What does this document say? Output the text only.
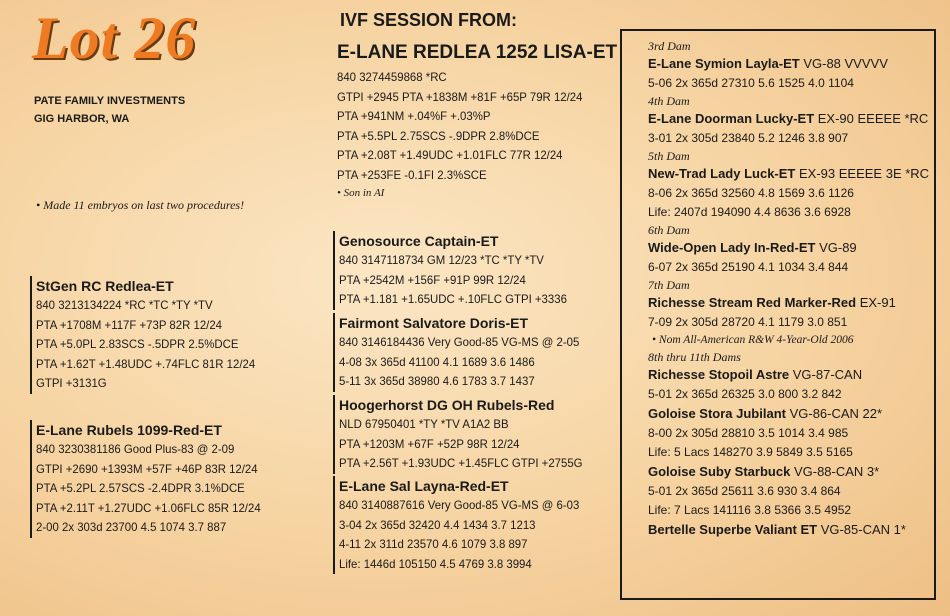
Lot 26
PATE FAMILY INVESTMENTS
GIG HARBOR, WA
• Made 11 embryos on last two procedures!
StGen RC Redlea-ET
840 3213134224 *RC *TC *TY *TV
PTA +1708M +117F +73P 82R 12/24
PTA +5.0PL 2.83SCS -.5DPR 2.5%DCE
PTA +1.62T +1.48UDC +.74FLC 81R 12/24
GTPI +3131G
E-Lane Rubels 1099-Red-ET
840 3230381186 Good Plus-83 @ 2-09
GTPI +2690 +1393M +57F +46P 83R 12/24
PTA +5.2PL 2.57SCS -2.4DPR 3.1%DCE
PTA +2.11T +1.27UDC +1.06FLC 85R 12/24
2-00 2x 303d 23700 4.5 1074 3.7 887
IVF SESSION FROM:
E-LANE REDLEA 1252 LISA-ET
840 3274459868 *RC
GTPI +2945 PTA +1838M +81F +65P 79R 12/24
PTA +941NM +.04%F +.03%P
PTA +5.5PL 2.75SCS -.9DPR 2.8%DCE
PTA +2.08T +1.49UDC +1.01FLC 77R 12/24
PTA +253FE -0.1FI 2.3%SCE
• Son in AI
Genosource Captain-ET
840 3147118734 GM 12/23 *TC *TY *TV
PTA +2542M +156F +91P 99R 12/24
PTA +1.181 +1.65UDC +.10FLC GTPI +3336
Fairmont Salvatore Doris-ET
840 3146184436 Very Good-85 VG-MS @ 2-05
4-08 3x 365d 41100 4.1 1689 3.6 1486
5-11 3x 365d 38980 4.6 1783 3.7 1437
Hoogerhorst DG OH Rubels-Red
NLD 67950401 *TY *TV A1A2 BB
PTA +1203M +67F +52P 98R 12/24
PTA +2.56T +1.93UDC +1.45FLC GTPI +2755G
E-Lane Sal Layna-Red-ET
840 3140887616 Very Good-85 VG-MS @ 6-03
3-04 2x 365d 32420 4.4 1434 3.7 1213
4-11 2x 311d 23570 4.6 1079 3.8 897
Life: 1446d 105150 4.5 4769 3.8 3994
3rd Dam
E-Lane Symion Layla-ET VG-88 VVVVV
5-06 2x 365d 27310 5.6 1525 4.0 1104
4th Dam
E-Lane Doorman Lucky-ET EX-90 EEEEE *RC
3-01 2x 305d 23840 5.2 1246 3.8 907
5th Dam
New-Trad Lady Luck-ET EX-93 EEEEE 3E *RC
8-06 2x 365d 32560 4.8 1569 3.6 1126
Life: 2407d 194090 4.4 8636 3.6 6928
6th Dam
Wide-Open Lady In-Red-ET VG-89
6-07 2x 365d 25190 4.1 1034 3.4 844
7th Dam
Richesse Stream Red Marker-Red EX-91
7-09 2x 305d 28720 4.1 1179 3.0 851
• Nom All-American R&W 4-Year-Old 2006
8th thru 11th Dams
Richesse Stopoil Astre VG-87-CAN
5-01 2x 365d 26325 3.0 800 3.2 842
Goloise Stora Jubilant VG-86-CAN 22*
8-00 2x 305d 28810 3.5 1014 3.4 985
Life: 5 Lacs 148270 3.9 5849 3.5 5165
Goloise Suby Starbuck VG-88-CAN 3*
5-01 2x 365d 25611 3.6 930 3.4 864
Life: 7 Lacs 141116 3.8 5366 3.5 4952
Bertelle Superbe Valiant ET VG-85-CAN 1*
